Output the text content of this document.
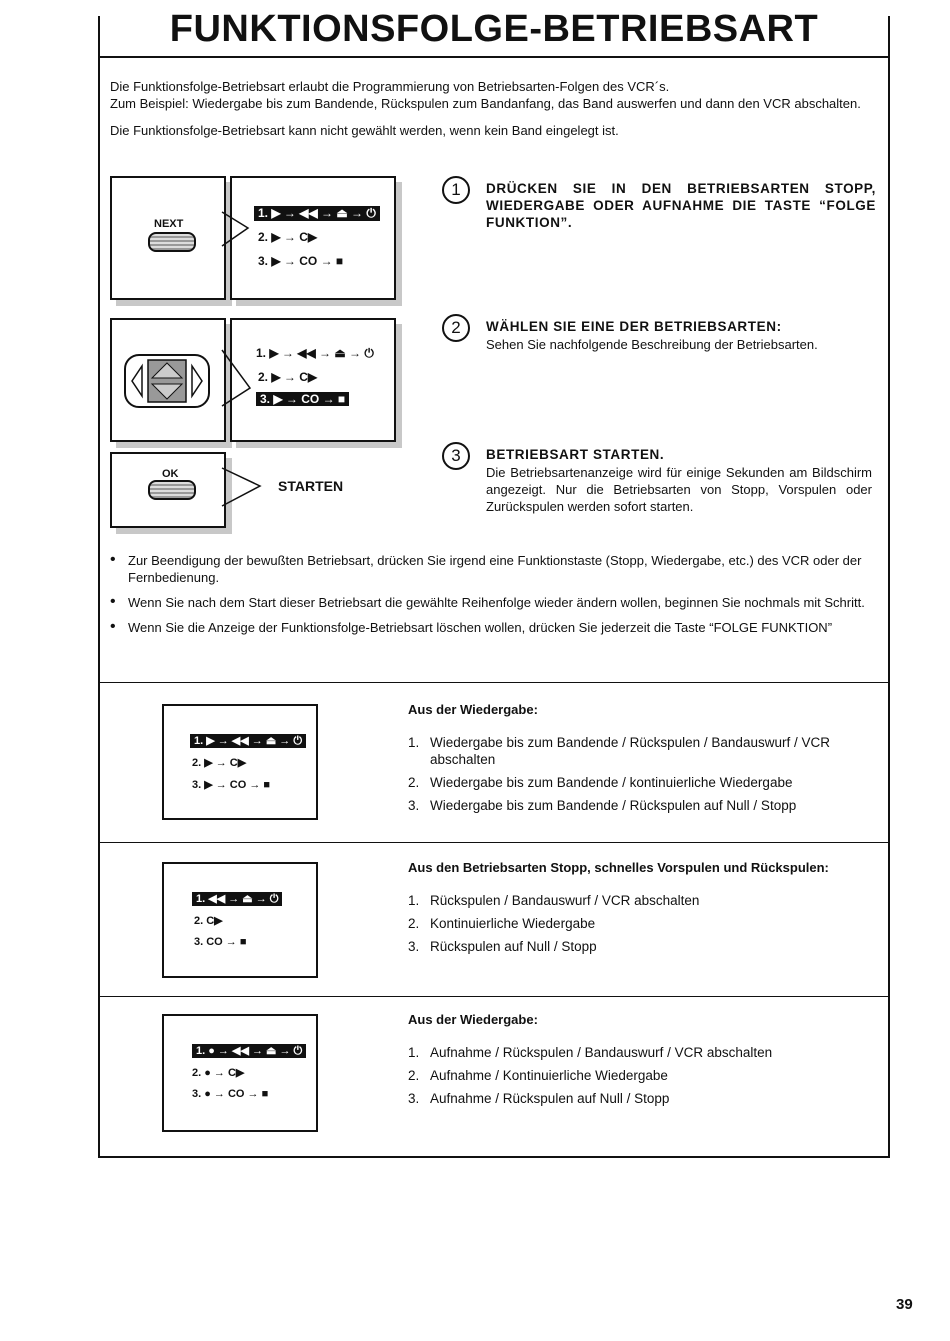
FUNKTIONSFOLGE-BETRIEBSART

Die Funktionsfolge-Betriebsart erlaubt die Programmierung von Betriebsarten-Folgen des VCR´s.

Zum Beispiel: Wiedergabe bis zum Bandende, Rückspulen zum Bandanfang, das Band auswerfen und dann den VCR abschalten.

Die Funktionsfolge-Betriebsart kann nicht gewählt werden, wenn kein Band eingelegt ist.

NEXT
1. ▶ → ◀◀ → ⏏ → ⏻
2. ▶ → C▶
3. ▶ → CO → ■
1. ▶ → ◀◀ → ⏏ → ⏻
2. ▶ → C▶
3. ▶ → CO → ■
OK
STARTEN
1	DRÜCKEN SIE IN DEN BETRIEBSARTEN STOPP, WIEDERGABE ODER AUFNAHME DIE TASTE “FOLGE FUNKTION”.
2	WÄHLEN SIE EINE DER BETRIEBSARTEN:
Sehen Sie nachfolgende Beschreibung der Betriebsarten.
3	BETRIEBSART STARTEN.
Die Betriebsartenanzeige wird für einige Sekunden am Bildschirm angezeigt. Nur die Betriebsarten von Stopp, Vorspulen oder Zurückspulen werden sofort starten.
• Zur Beendigung der bewußten Betriebsart, drücken Sie irgend eine Funktionstaste (Stopp, Wiedergabe, etc.) des VCR oder der Fernbedienung.
• Wenn Sie nach dem Start dieser Betriebsart die gewählte Reihenfolge wieder ändern wollen, beginnen Sie nochmals mit Schritt.
• Wenn Sie die Anzeige der Funktionsfolge-Betriebsart löschen wollen, drücken Sie jederzeit die Taste “FOLGE FUNKTION”
1. ▶ → ◀◀ → ⏏ → ⏻
2. ▶ → C▶
3. ▶ → CO → ■
Aus der Wiedergabe:
1. Wiedergabe bis zum Bandende / Rückspulen / Bandauswurf / VCR abschalten
2. Wiedergabe bis zum Bandende / kontinuierliche Wiedergabe
3. Wiedergabe bis zum Bandende / Rückspulen auf Null / Stopp
1. ◀◀ → ⏏ → ⏻
2. C▶
3. CO → ■
Aus den Betriebsarten Stopp, schnelles Vorspulen und Rückspulen:
1. Rückspulen / Bandauswurf / VCR abschalten
2. Kontinuierliche Wiedergabe
3. Rückspulen auf Null / Stopp
1. ● → ◀◀ → ⏏ → ⏻
2. ● → C▶
3. ● → CO → ■
Aus der Wiedergabe:
1. Aufnahme / Rückspulen / Bandauswurf / VCR abschalten
2. Aufnahme / Kontinuierliche Wiedergabe
3. Aufnahme / Rückspulen auf Null / Stopp
39
